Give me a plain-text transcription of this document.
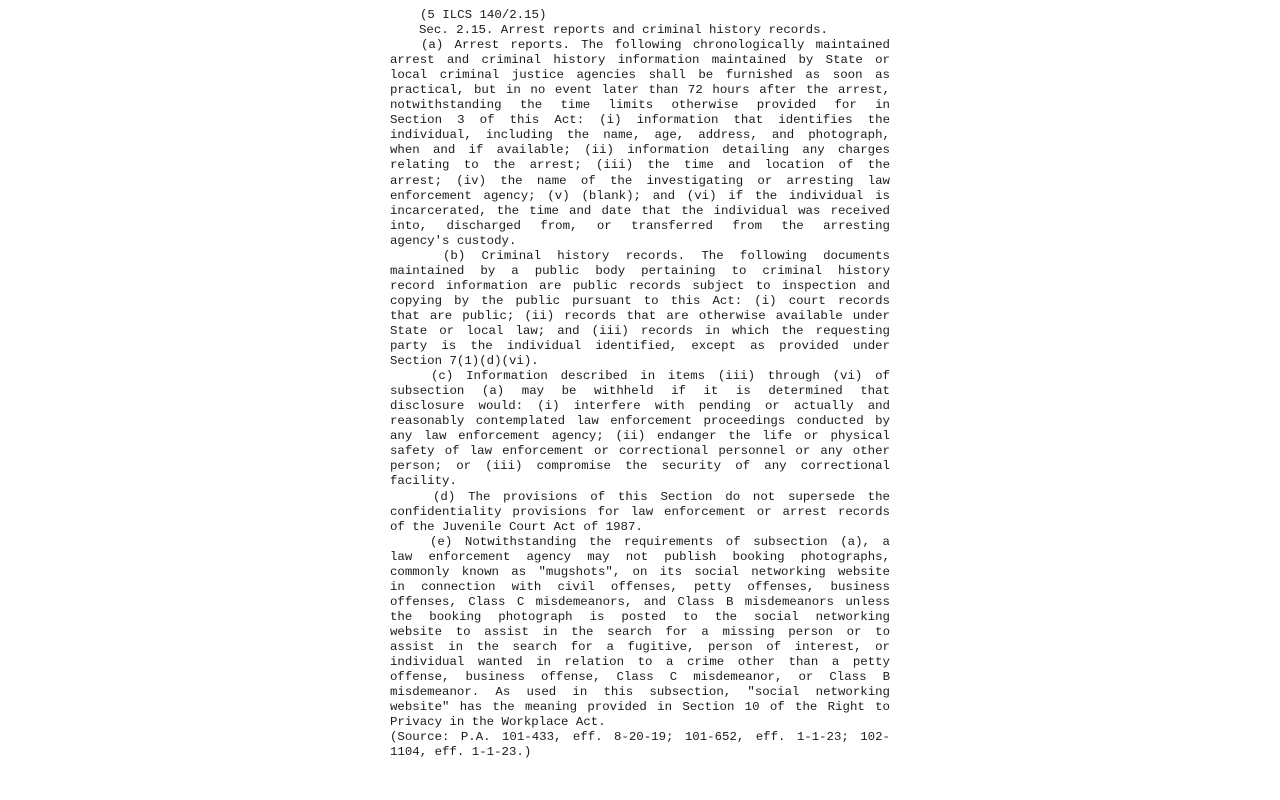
(5 ILCS 140/2.15)
Sec. 2.15. Arrest reports and criminal history records.
(a) Arrest reports. The following chronologically maintained
arrest and criminal history information maintained by State or
local criminal justice agencies shall be furnished as soon as
practical, but in no event later than 72 hours after the arrest,
notwithstanding the time limits otherwise provided for in
Section 3 of this Act: (i) information that identifies the
individual, including the name, age, address, and photograph,
when and if available; (ii) information detailing any charges
relating to the arrest; (iii) the time and location of the
arrest; (iv) the name of the investigating or arresting law
enforcement agency; (v) (blank); and (vi) if the individual is
incarcerated, the time and date that the individual was received
into, discharged from, or transferred from the arresting
agency's custody.
(b) Criminal history records. The following documents
maintained by a public body pertaining to criminal history
record information are public records subject to inspection and
copying by the public pursuant to this Act: (i) court records
that are public; (ii) records that are otherwise available under
State or local law; and (iii) records in which the requesting
party is the individual identified, except as provided under
Section 7(1)(d)(vi).
(c) Information described in items (iii) through (vi) of
subsection (a) may be withheld if it is determined that
disclosure would: (i) interfere with pending or actually and
reasonably contemplated law enforcement proceedings conducted by
any law enforcement agency; (ii) endanger the life or physical
safety of law enforcement or correctional personnel or any other
person; or (iii) compromise the security of any correctional
facility.
(d) The provisions of this Section do not supersede the
confidentiality provisions for law enforcement or arrest records
of the Juvenile Court Act of 1987.
(e) Notwithstanding the requirements of subsection (a), a
law enforcement agency may not publish booking photographs,
commonly known as "mugshots", on its social networking website
in connection with civil offenses, petty offenses, business
offenses, Class C misdemeanors, and Class B misdemeanors unless
the booking photograph is posted to the social networking
website to assist in the search for a missing person or to
assist in the search for a fugitive, person of interest, or
individual wanted in relation to a crime other than a petty
offense, business offense, Class C misdemeanor, or Class B
misdemeanor. As used in this subsection, "social networking
website" has the meaning provided in Section 10 of the Right to
Privacy in the Workplace Act.
(Source: P.A. 101-433, eff. 8-20-19; 101-652, eff. 1-1-23; 102-
1104, eff. 1-1-23.)
